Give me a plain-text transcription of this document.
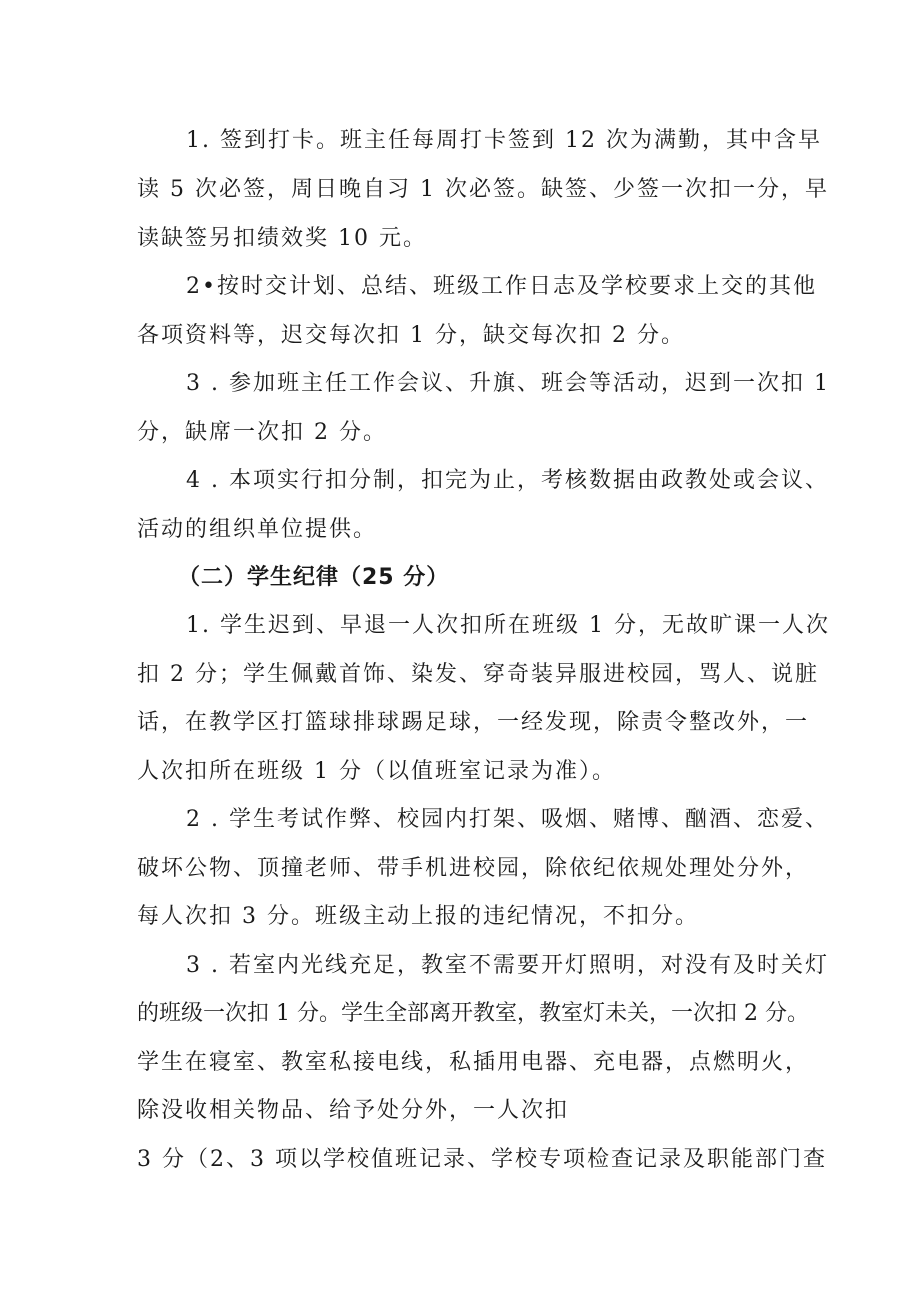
1. 签到打卡。班主任每周打卡签到 12 次为满勤，其中含早
读 5 次必签，周日晚自习 1 次必签。缺签、少签一次扣一分，早
读缺签另扣绩效奖 10 元。
2•按时交计划、总结、班级工作日志及学校要求上交的其他
各项资料等，迟交每次扣 1 分，缺交每次扣 2 分。
3 . 参加班主任工作会议、升旗、班会等活动，迟到一次扣 1
分，缺席一次扣 2 分。
4 . 本项实行扣分制，扣完为止，考核数据由政教处或会议、
活动的组织单位提供。
（二）学生纪律（25 分）
1. 学生迟到、早退一人次扣所在班级 1 分，无故旷课一人次
扣 2 分；学生佩戴首饰、染发、穿奇装异服进校园，骂人、说脏
话，在教学区打篮球排球踢足球，一经发现，除责令整改外，一
人次扣所在班级 1 分（以值班室记录为准）。
2 . 学生考试作弊、校园内打架、吸烟、赌博、酗酒、恋爱、
破坏公物、顶撞老师、带手机进校园，除依纪依规处理处分外，
每人次扣 3 分。班级主动上报的违纪情况，不扣分。
3 . 若室内光线充足，教室不需要开灯照明，对没有及时关灯
的班级一次扣 1 分。学生全部离开教室，教室灯未关，一次扣 2 分。
学生在寝室、教室私接电线，私插用电器、充电器，点燃明火，
除没收相关物品、给予处分外，一人次扣
3 分（2、3 项以学校值班记录、学校专项检查记录及职能部门查
